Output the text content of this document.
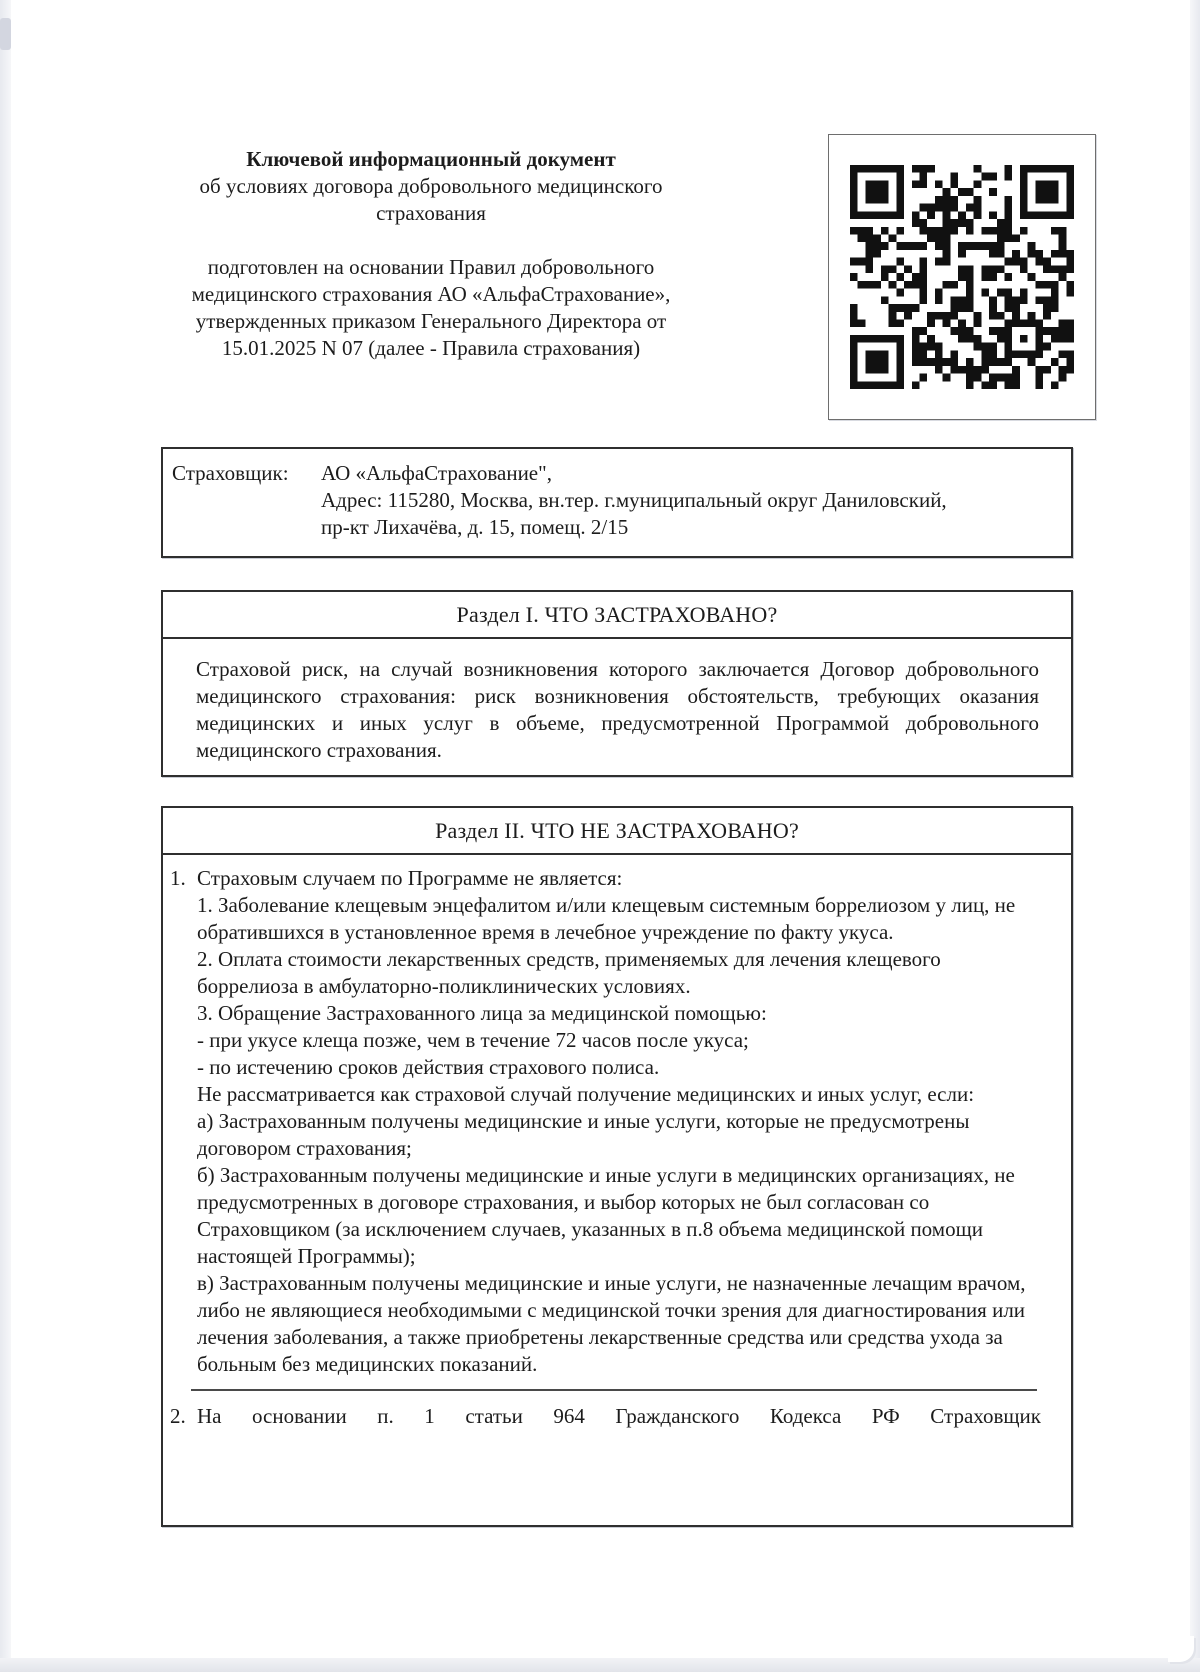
Ключевой информационный документ
об условиях договора добровольного медицинского страхования
подготовлен на основании Правил добровольного медицинского страхования АО «АльфаСтрахование», утвержденных приказом Генерального Директора от 15.01.2025 N 07 (далее - Правила страхования)
Страховщик: АО «АльфаСтрахование",
Адрес: 115280, Москва, вн.тер. г.муниципальный округ Даниловский, пр-кт Лихачёва, д. 15, помещ. 2/15
Раздел I. ЧТО ЗАСТРАХОВАНО?
Страховой риск, на случай возникновения которого заключается Договор добровольного медицинского страхования: риск возникновения обстоятельств, требующих оказания медицинских и иных услуг в объеме, предусмотренной Программой добровольного медицинского страхования.
Раздел II. ЧТО НЕ ЗАСТРАХОВАНО?
1. Страховым случаем по Программе не является:
1. Заболевание клещевым энцефалитом и/или клещевым системным боррелиозом у лиц, не обратившихся в установленное время в лечебное учреждение по факту укуса.
2. Оплата стоимости лекарственных средств, применяемых для лечения клещевого боррелиоза в амбулаторно-поликлинических условиях.
3. Обращение Застрахованного лица за медицинской помощью:
- при укусе клеща позже, чем в течение 72 часов после укуса;
- по истечению сроков действия страхового полиса.
Не рассматривается как страховой случай получение медицинских и иных услуг, если:
а) Застрахованным получены медицинские и иные услуги, которые не предусмотрены договором страхования;
б) Застрахованным получены медицинские и иные услуги в медицинских организациях, не предусмотренных в договоре страхования, и выбор которых не был согласован со Страховщиком (за исключением случаев, указанных в п.8 объема медицинской помощи настоящей Программы);
в) Застрахованным получены медицинские и иные услуги, не назначенные лечащим врачом, либо не являющиеся необходимыми с медицинской точки зрения для диагностирования или лечения заболевания, а также приобретены лекарственные средства или средства ухода за больным без медицинских показаний.
2. На основании п. 1 статьи 964 Гражданского Кодекса РФ Страховщик
